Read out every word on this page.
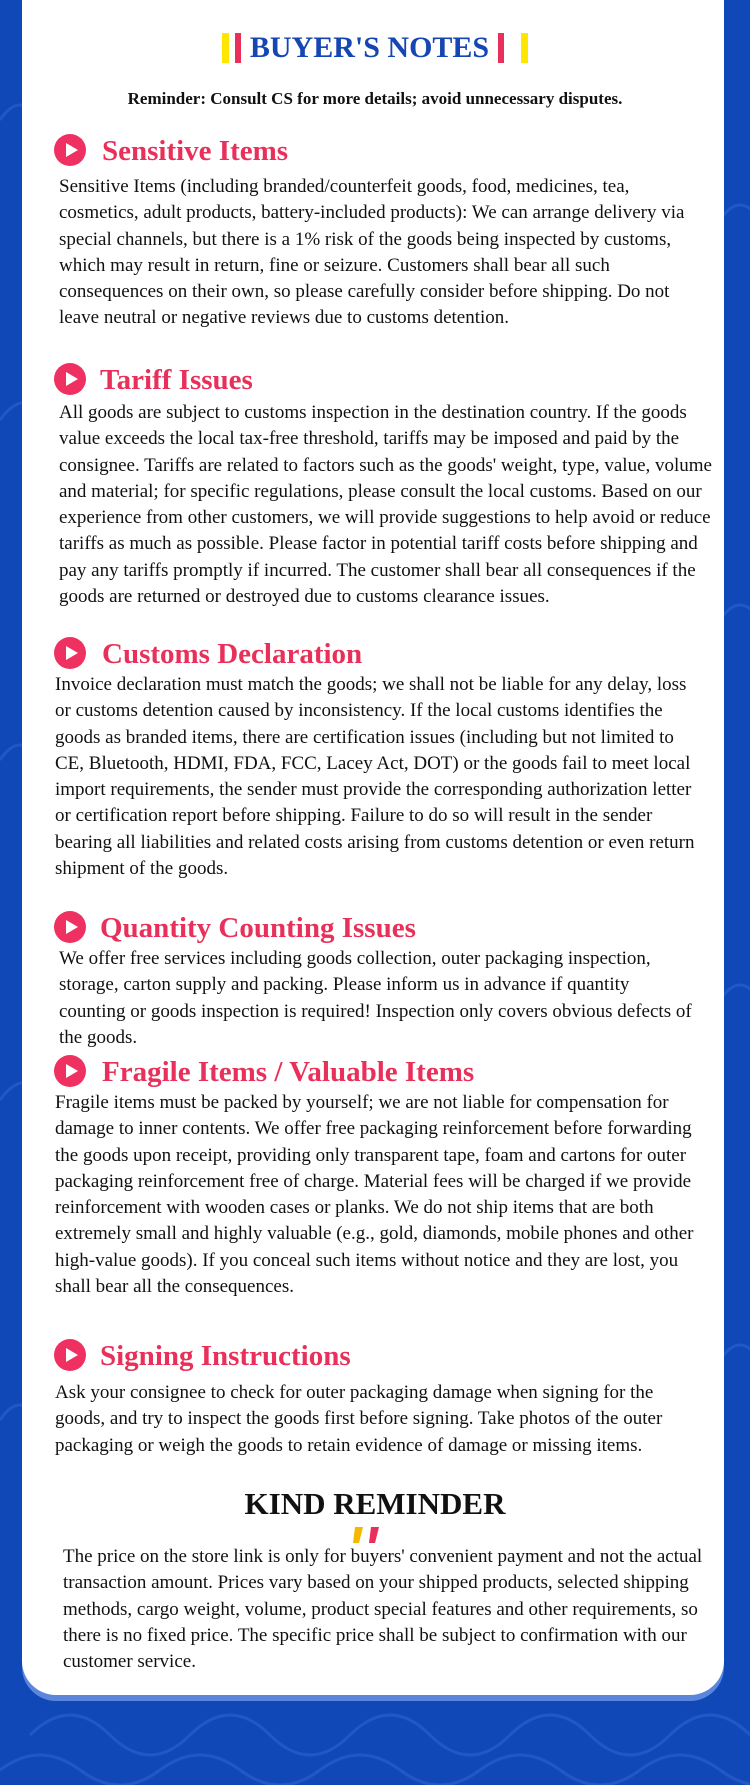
BUYER'S NOTES
Reminder: Consult CS for more details; avoid unnecessary disputes.
Sensitive Items

Sensitive Items (including branded/counterfeit goods, food, medicines, tea, cosmetics, adult products, battery-included products): We can arrange delivery via special channels, but there is a 1% risk of the goods being inspected by customs, which may result in return, fine or seizure. Customers shall bear all such consequences on their own, so please carefully consider before shipping. Do not leave neutral or negative reviews due to customs detention.

Tariff Issues

All goods are subject to customs inspection in the destination country. If the goods value exceeds the local tax-free threshold, tariffs may be imposed and paid by the consignee. Tariffs are related to factors such as the goods' weight, type, value, volume and material; for specific regulations, please consult the local customs. Based on our experience from other customers, we will provide suggestions to help avoid or reduce tariffs as much as possible. Please factor in potential tariff costs before shipping and pay any tariffs promptly if incurred. The customer shall bear all consequences if the goods are returned or destroyed due to customs clearance issues.

Customs Declaration

Invoice declaration must match the goods; we shall not be liable for any delay, loss or customs detention caused by inconsistency. If the local customs identifies the goods as branded items, there are certification issues (including but not limited to CE, Bluetooth, HDMI, FDA, FCC, Lacey Act, DOT) or the goods fail to meet local import requirements, the sender must provide the corresponding authorization letter or certification report before shipping. Failure to do so will result in the sender bearing all liabilities and related costs arising from customs detention or even return shipment of the goods.

Quantity Counting Issues

We offer free services including goods collection, outer packaging inspection, storage, carton supply and packing. Please inform us in advance if quantity counting or goods inspection is required! Inspection only covers obvious defects of the goods.

Fragile Items / Valuable Items

Fragile items must be packed by yourself; we are not liable for compensation for damage to inner contents. We offer free packaging reinforcement before forwarding the goods upon receipt, providing only transparent tape, foam and cartons for outer packaging reinforcement free of charge. Material fees will be charged if we provide reinforcement with wooden cases or planks. We do not ship items that are both extremely small and highly valuable (e.g., gold, diamonds, mobile phones and other high-value goods). If you conceal such items without notice and they are lost, you shall bear all the consequences.

Signing Instructions

Ask your consignee to check for outer packaging damage when signing for the goods, and try to inspect the goods first before signing. Take photos of the outer packaging or weigh the goods to retain evidence of damage or missing items.

KIND REMINDER

The price on the store link is only for buyers' convenient payment and not the actual transaction amount. Prices vary based on your shipped products, selected shipping methods, cargo weight, volume, product special features and other requirements, so there is no fixed price. The specific price shall be subject to confirmation with our customer service.
